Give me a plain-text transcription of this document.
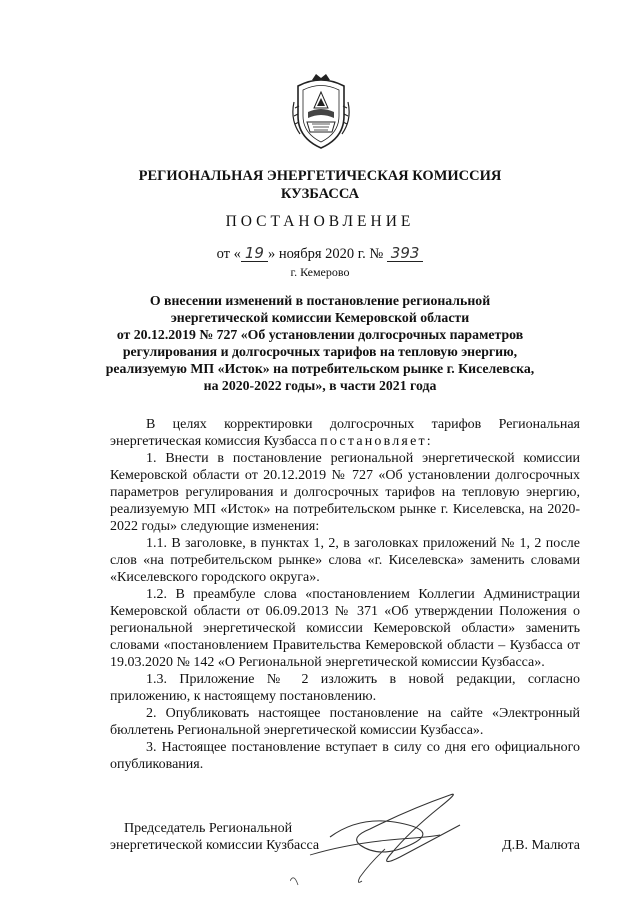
РЕГИОНАЛЬНАЯ ЭНЕРГЕТИЧЕСКАЯ КОМИССИЯ
КУЗБАССА
ПОСТАНОВЛЕНИЕ
от « 19 » ноября 2020 г. № 393
г. Кемерово
О внесении изменений в постановление региональной
энергетической комиссии Кемеровской области
от 20.12.2019 № 727 «Об установлении долгосрочных параметров
регулирования и долгосрочных тарифов на тепловую энергию,
реализуемую МП «Исток» на потребительском рынке г. Киселевска,
на 2020-2022 годы», в части 2021 года

В целях корректировки долгосрочных тарифов Региональная энергетическая комиссия Кузбасса постановляет:

1. Внести в постановление региональной энергетической комиссии Кемеровской области от 20.12.2019 № 727 «Об установлении долгосрочных параметров регулирования и долгосрочных тарифов на тепловую энергию, реализуемую МП «Исток» на потребительском рынке г. Киселевска, на 2020-2022 годы» следующие изменения:

1.1. В заголовке, в пунктах 1, 2, в заголовках приложений № 1, 2 после слов «на потребительском рынке» слова «г. Киселевска» заменить словами «Киселевского городского округа».

1.2. В преамбуле слова «постановлением Коллегии Администрации Кемеровской области от 06.09.2013 № 371 «Об утверждении Положения о региональной энергетической комиссии Кемеровской области» заменить словами «постановлением Правительства Кемеровской области – Кузбасса от 19.03.2020 № 142 «О Региональной энергетической комиссии Кузбасса».

1.3. Приложение № 2 изложить в новой редакции, согласно приложению, к настоящему постановлению.

2. Опубликовать настоящее постановление на сайте «Электронный бюллетень Региональной энергетической комиссии Кузбасса».

3. Настоящее постановление вступает в силу со дня его официального опубликования.

Председатель Региональной
энергетической комиссии Кузбасса	Д.В. Малюта
